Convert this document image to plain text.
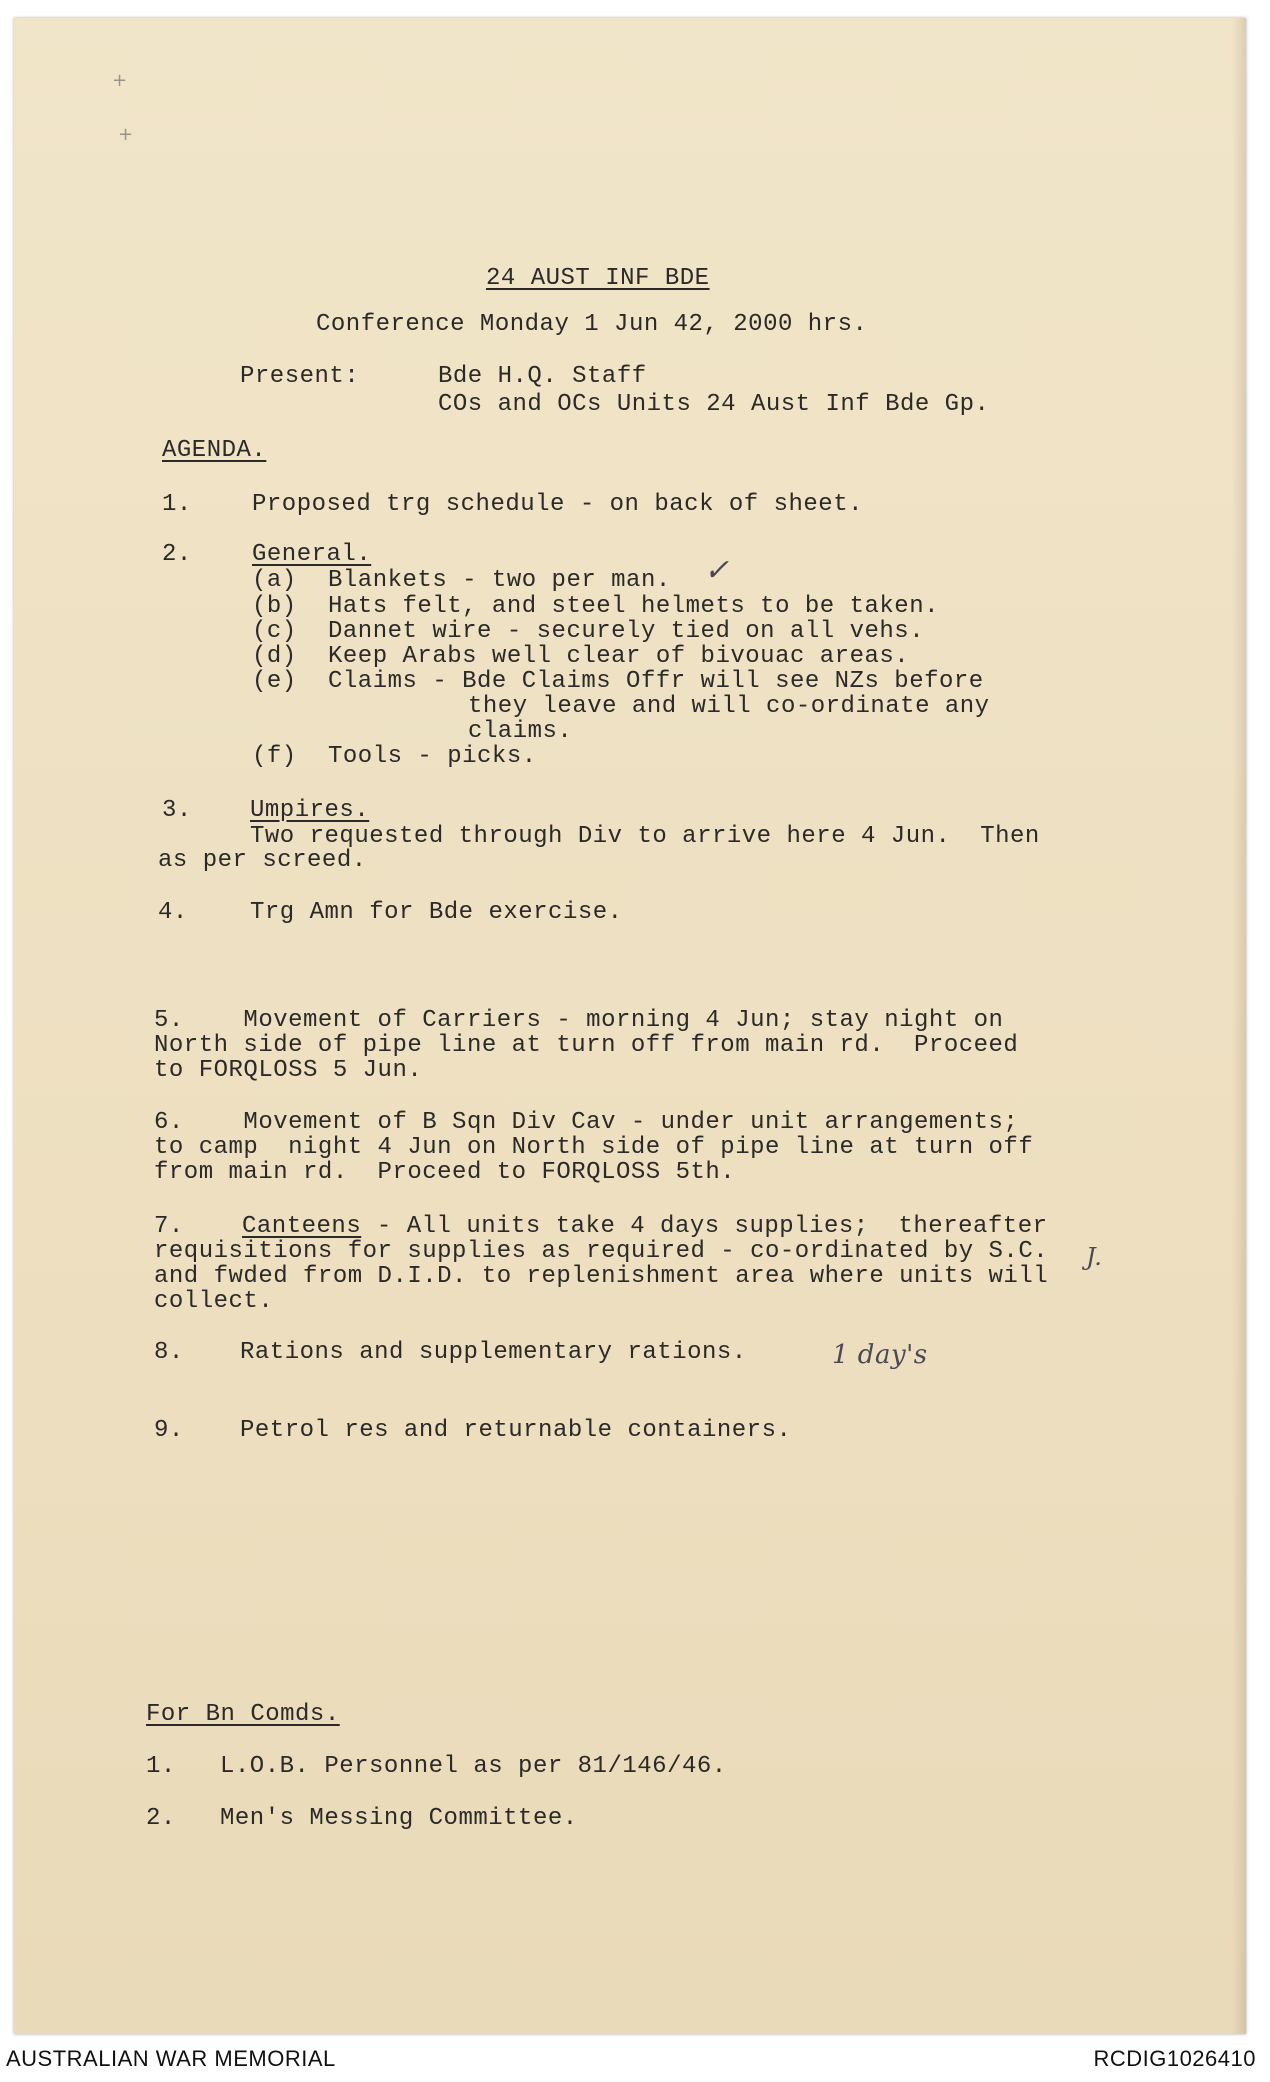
+
+
24 AUST INF BDE
Conference Monday 1 Jun 42, 2000 hrs.
Present:	Bde H.Q. Staff
COs and OCs Units 24 Aust Inf Bde Gp.
AGENDA.
1.	Proposed trg schedule - on back of sheet.
2.	General.
(a) Blankets - two per man. ✓
(b) Hats felt, and steel helmets to be taken.
(c) Dannet wire - securely tied on all vehs.
(d) Keep Arabs well clear of bivouac areas.
(e) Claims - Bde Claims Offr will see NZs before
they leave and will co-ordinate any
claims.
(f) Tools - picks.
3. Umpires.
Two requested through Div to arrive here 4 Jun.  Then
as per screed.
4.	Trg Amn for Bde exercise.
5.    Movement of Carriers - morning 4 Jun; stay night on
North side of pipe line at turn off from main rd.  Proceed
to FORQLOSS 5 Jun.
6.    Movement of B Sqn Div Cav - under unit arrangements;
to camp  night 4 Jun on North side of pipe line at turn off
from main rd.  Proceed to FORQLOSS 5th.
7. Canteens - All units take 4 days supplies;  thereafter
requisitions for supplies as required - co-ordinated by S.C.
and fwded from D.I.D. to replenishment area where units will
collect.
J.
8. Rations and supplementary rations.	1 day's
9. Petrol res and returnable containers.
For Bn Comds.
1. L.O.B. Personnel as per 81/146/46.
2. Men's Messing Committee.
AUSTRALIAN WAR MEMORIAL	RCDIG1026410
